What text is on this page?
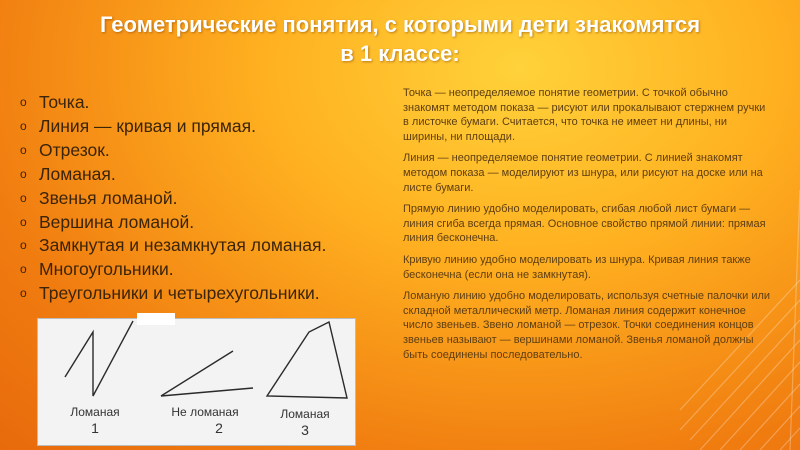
Геометрические понятия, с которыми дети знакомятся
в 1 классе:
o Точка.
o Линия — кривая и прямая.
o Отрезок.
o Ломаная.
o Звенья ломаной.
o Вершина ломаной.
o Замкнутая и незамкнутая ломаная.
o Многоугольники.
o Треугольники и четырехугольники.
Ломаная
1
Не ломаная
2
Ломаная
3

Точка — неопределяемое понятие геометрии. С точкой обычно знакомят методом показа — рисуют или прокалывают стержнем ручки в листочке бумаги. Считается, что точка не имеет ни длины, ни ширины, ни площади.

Линия — неопределяемое понятие геометрии. С линией знакомят методом показа — моделируют из шнура, или рисуют на доске или на листе бумаги.

Прямую линию удобно моделировать, сгибая любой лист бумаги — линия сгиба всегда прямая. Основное свойство прямой линии: прямая линия бесконечна.

Кривую линию удобно моделировать из шнура. Кривая линия также бесконечна (если она не замкнутая).

Ломаную линию удобно моделировать, используя счетные палочки или складной металлический метр. Ломаная линия содержит конечное число звеньев. Звено ломаной — отрезок. Точки соединения концов звеньев называют — вершинами ломаной. Звенья ломаной должны быть соединены последовательно.
